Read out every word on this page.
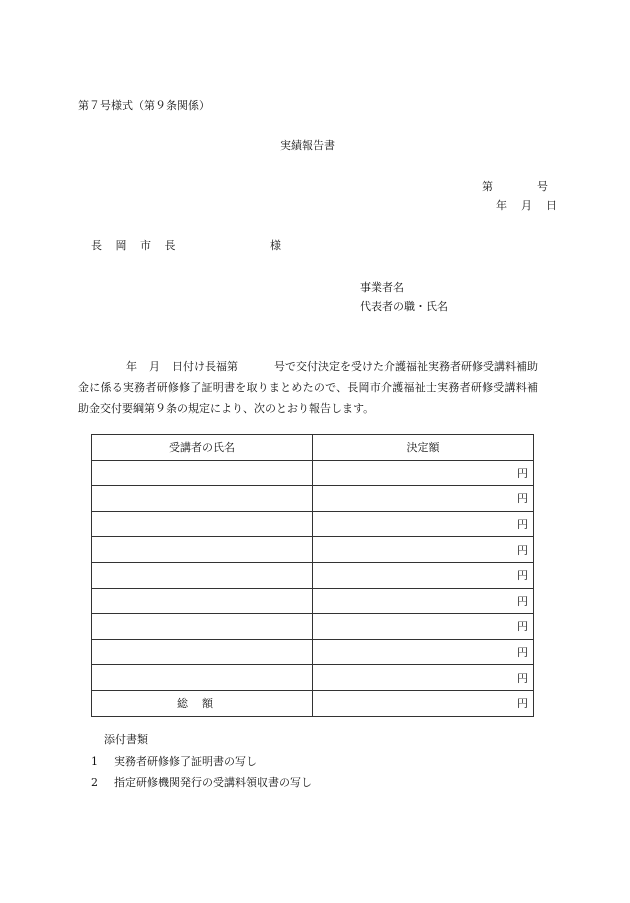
第７号様式（第９条関係）
実績報告書
第	号
年 月 日
長 岡 市 長	様
事業者名
代表者の職・氏名
年 月 日付け長福第	号で交付決定を受けた介護福祉実務者研修受講料補助金に係る実務者研修修了証明書を取りまとめたので、長岡市介護福祉士実務者研修受講料補助金交付要綱第９条の規定により、次のとおり報告します。
受講者の氏名	決定額
	円
	円
	円
	円
	円
	円
	円
	円
	円
総額	円
添付書類
1 実務者研修修了証明書の写し
2 指定研修機関発行の受講料領収書の写し
